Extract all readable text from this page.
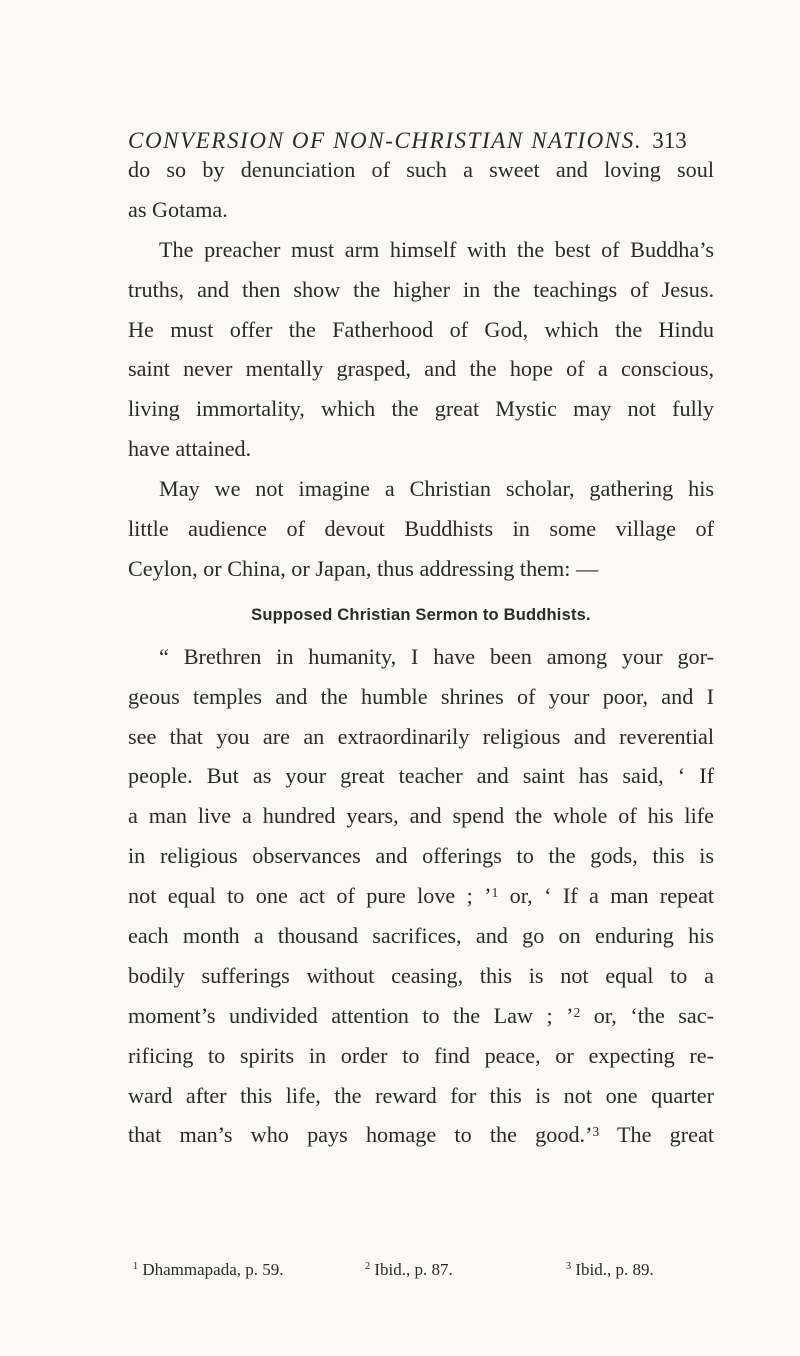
CONVERSION OF NON-CHRISTIAN NATIONS. 313
do so by denunciation of such a sweet and loving soul
as Gotama.
The preacher must arm himself with the best of Buddha’s
truths, and then show the higher in the teachings of Jesus.
He must offer the Fatherhood of God, which the Hindu
saint never mentally grasped, and the hope of a conscious,
living immortality, which the great Mystic may not fully
have attained.
May we not imagine a Christian scholar, gathering his
little audience of devout Buddhists in some village of
Ceylon, or China, or Japan, thus addressing them: —
Supposed Christian Sermon to Buddhists.
“ Brethren in humanity, I have been among your gor-
geous temples and the humble shrines of your poor, and I
see that you are an extraordinarily religious and reverential
people. But as your great teacher and saint has said, ‘ If
a man live a hundred years, and spend the whole of his life
in religious observances and offerings to the gods, this is
not equal to one act of pure love ; ’$^1$ or, ‘ If a man repeat
each month a thousand sacrifices, and go on enduring his
bodily sufferings without ceasing, this is not equal to a
moment’s undivided attention to the Law ; ’$^2$ or, ‘the sac-
rificing to spirits in order to find peace, or expecting re-
ward after this life, the reward for this is not one quarter
that man’s who pays homage to the good.’$^3$ The great
$^1$ Dhammapada, p. 59.	$^2$ Ibid., p. 87.	$^3$ Ibid., p. 89.
